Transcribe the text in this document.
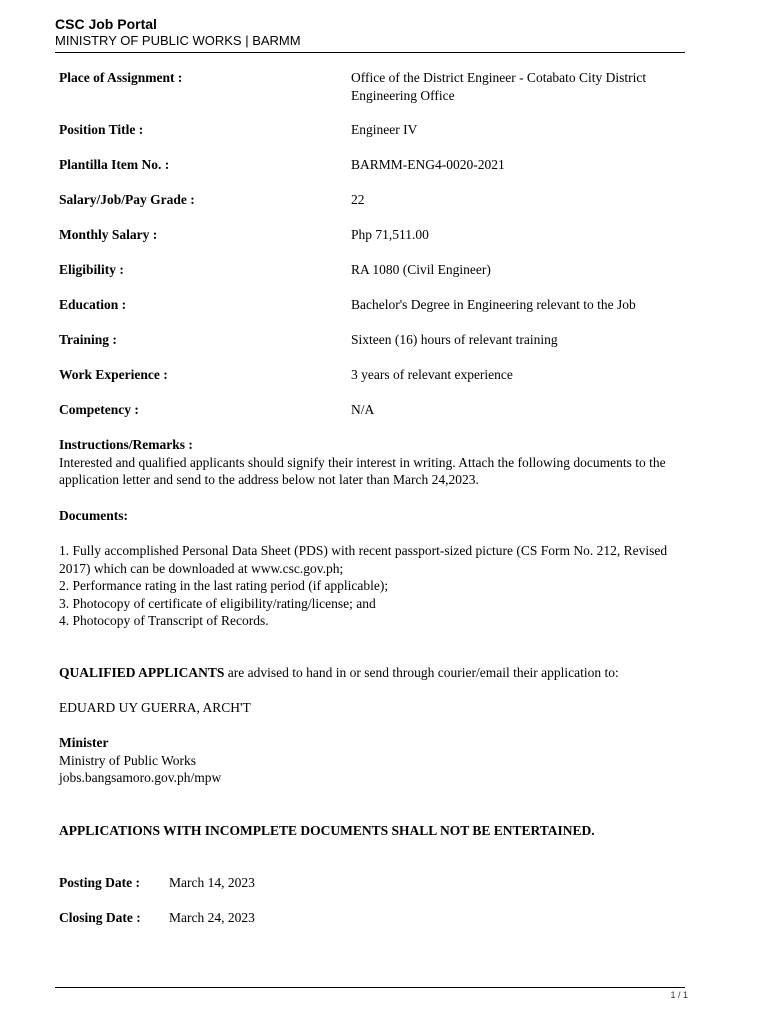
CSC Job Portal
MINISTRY OF PUBLIC WORKS | BARMM
Place of Assignment :	Office of the District Engineer - Cotabato City District Engineering Office
Position Title :	Engineer IV
Plantilla Item No. :	BARMM-ENG4-0020-2021
Salary/Job/Pay Grade :	22
Monthly Salary :	Php 71,511.00
Eligibility :	RA 1080 (Civil Engineer)
Education :	Bachelor's Degree in Engineering relevant to the Job
Training :	Sixteen (16) hours of relevant training
Work Experience :	3 years of relevant experience
Competency :	N/A

Instructions/Remarks :

Interested and qualified applicants should signify their interest in writing. Attach the following documents to the application letter and send to the address below not later than March 24,2023.

Documents:

1. Fully accomplished Personal Data Sheet (PDS) with recent passport-sized picture (CS Form No. 212, Revised 2017) which can be downloaded at www.csc.gov.ph;

2. Performance rating in the last rating period (if applicable);

3. Photocopy of certificate of eligibility/rating/license; and

4. Photocopy of Transcript of Records.

QUALIFIED APPLICANTS are advised to hand in or send through courier/email their application to:

EDUARD UY GUERRA, ARCH'T

Minister

Ministry of Public Works

jobs.bangsamoro.gov.ph/mpw

APPLICATIONS WITH INCOMPLETE DOCUMENTS SHALL NOT BE ENTERTAINED.

Posting Date :	March 14, 2023
Closing Date :	March 24, 2023
1 / 1
